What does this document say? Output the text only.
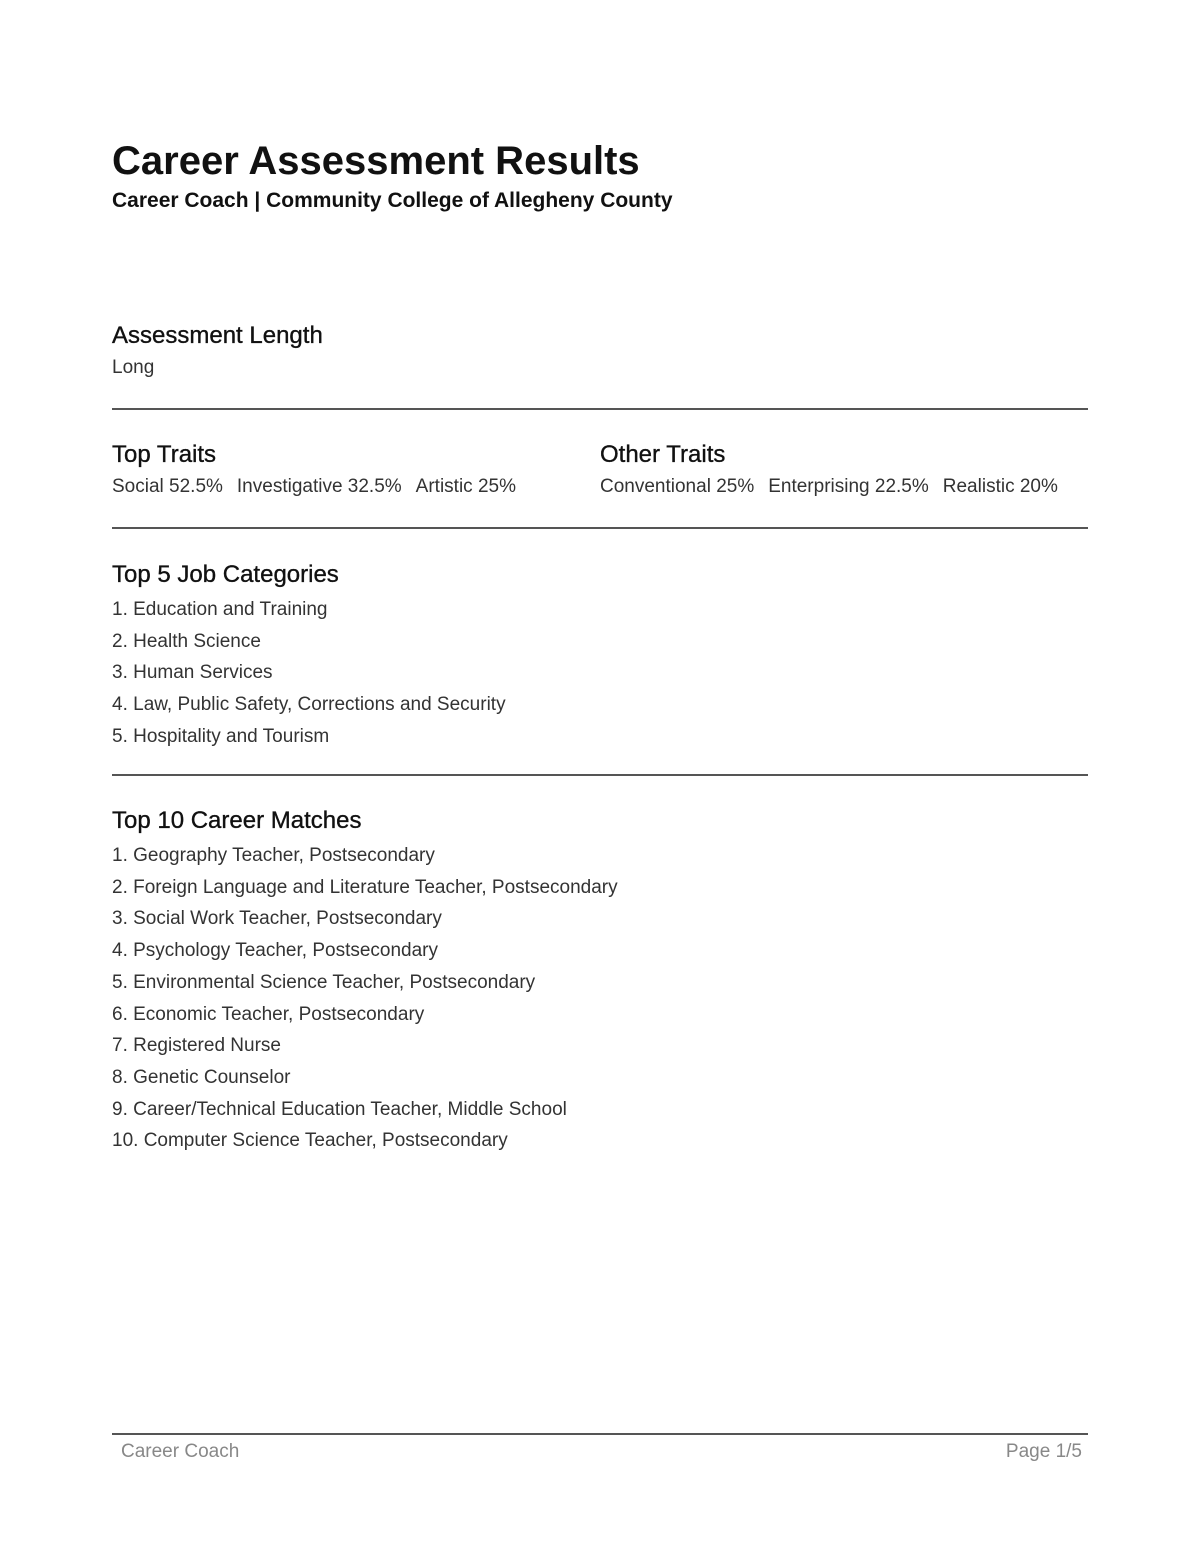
Career Assessment Results

Career Coach | Community College of Allegheny County

Assessment Length

Long

Top Traits

Social 52.5% Investigative 32.5% Artistic 25%

Other Traits

Conventional 25% Enterprising 22.5% Realistic 20%

Top 5 Job Categories
1. Education and Training
2. Health Science
3. Human Services
4. Law, Public Safety, Corrections and Security
5. Hospitality and Tourism
Top 10 Career Matches
1. Geography Teacher, Postsecondary
2. Foreign Language and Literature Teacher, Postsecondary
3. Social Work Teacher, Postsecondary
4. Psychology Teacher, Postsecondary
5. Environmental Science Teacher, Postsecondary
6. Economic Teacher, Postsecondary
7. Registered Nurse
8. Genetic Counselor
9. Career/Technical Education Teacher, Middle School
10. Computer Science Teacher, Postsecondary
Career Coach	Page 1/5
